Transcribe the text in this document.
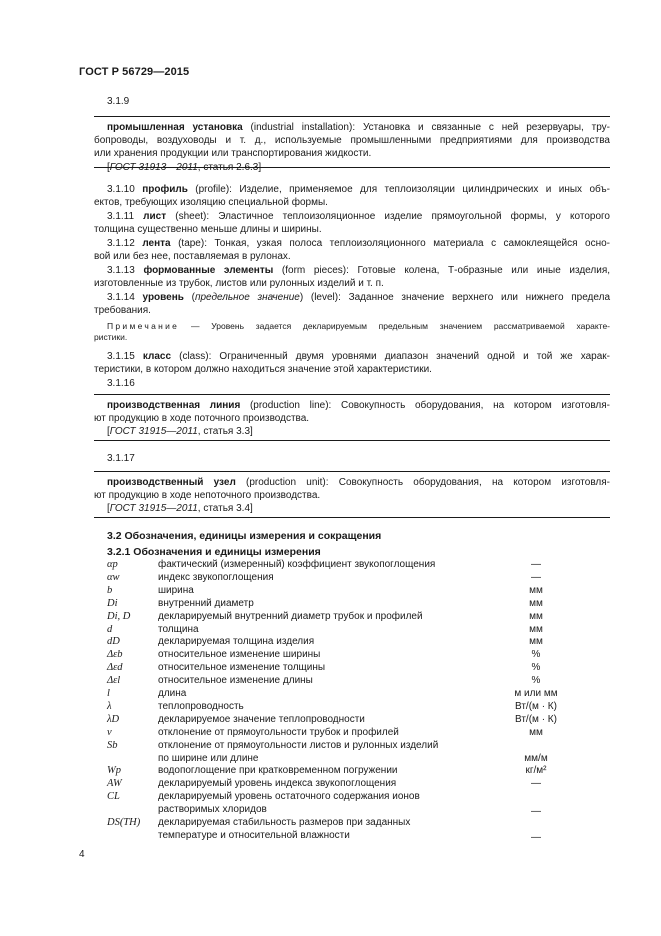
ГОСТ Р 56729—2015
3.1.9
промышленная установка (industrial installation): Установка и связанные с ней резервуары, тру-
бопроводы, воздуховоды и т. д., используемые промышленными предприятиями для производства
или хранения продукции или транспортирования жидкости.
[ГОСТ 31913—2011, статья 2.6.3]
3.1.10 профиль (profile): Изделие, применяемое для теплоизоляции цилиндрических и иных объ-
ектов, требующих изоляцию специальной формы.
3.1.11 лист (sheet): Эластичное теплоизоляционное изделие прямоугольной формы, у которого
толщина существенно меньше длины и ширины.
3.1.12 лента (tape): Тонкая, узкая полоса теплоизоляционного материала с самоклеящейся осно-
вой или без нее, поставляемая в рулонах.
3.1.13 формованные элементы (form pieces): Готовые колена, Т-образные или иные изделия,
изготовленные из трубок, листов или рулонных изделий и т. п.
3.1.14 уровень (предельное значение) (level): Заданное значение верхнего или нижнего предела
требования.
Примечание — Уровень задается декларируемым предельным значением рассматриваемой характе-
ристики.
3.1.15 класс (class): Ограниченный двумя уровнями диапазон значений одной и той же харак-
теристики, в котором должно находиться значение этой характеристики.
3.1.16
производственная линия (production line): Совокупность оборудования, на котором изготовля-
ют продукцию в ходе поточного производства.
[ГОСТ 31915—2011, статья 3.3]
3.1.17
производственный узел (production unit): Совокупность оборудования, на котором изготовля-
ют продукцию в ходе непоточного производства.
[ГОСТ 31915—2011, статья 3.4]
3.2 Обозначения, единицы измерения и сокращения
3.2.1 Обозначения и единицы измерения
αp	фактический (измеренный) коэффициент звукопоглощения	—
αw	индекс звукопоглощения	—
b	ширина	мм
Di	внутренний диаметр	мм
Di, D	декларируемый внутренний диаметр трубок и профилей	мм
d	толщина	мм
dD	декларируемая толщина изделия	мм
Δεb	относительное изменение ширины	%
Δεd	относительное изменение толщины	%
Δεl	относительное изменение длины	%
l	длина	м или мм
λ	теплопроводность	Вт/(м · К)
λD	декларируемое значение теплопроводности	Вт/(м · К)
ν	отклонение от прямоугольности трубок и профилей	мм
Sb	отклонение от прямоугольности листов и рулонных изделий
по ширине или длине	мм/м
Wp	водопоглощение при кратковременном погружении	кг/м²
AW	декларируемый уровень индекса звукопоглощения	—
CL	декларируемый уровень остаточного содержания ионов
растворимых хлоридов	—
DS(TH) декларируемая стабильность размеров при заданных
температуре и относительной влажности	—
4
